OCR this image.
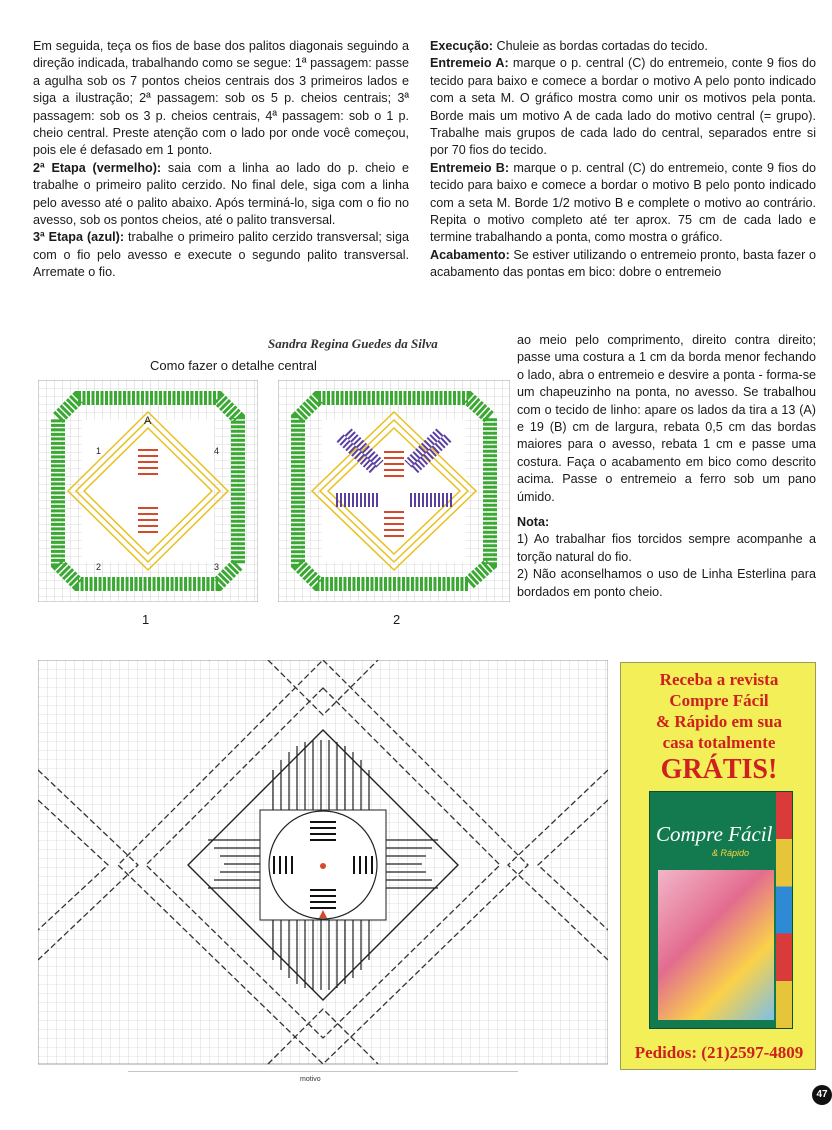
Em seguida, teça os fios de base dos palitos diagonais seguindo a direção indicada, trabalhando como se segue: 1ª passagem: passe a agulha sob os 7 pontos cheios centrais dos 3 primeiros lados e siga a ilustração; 2ª passagem: sob os 5 p. cheios centrais; 3ª passagem: sob os 3 p. cheios centrais, 4ª passagem: sob o 1 p. cheio central. Preste atenção com o lado por onde você começou, pois ele é defasado em 1 ponto.

2ª Etapa (vermelho): saia com a linha ao lado do p. cheio e trabalhe o primeiro palito cerzido. No final dele, siga com a linha pelo avesso até o palito abaixo. Após terminá-lo, siga com o fio no avesso, sob os pontos cheios, até o palito transversal.

3ª Etapa (azul): trabalhe o primeiro palito cerzido transversal; siga com o fio pelo avesso e execute o segundo palito transversal. Arremate o fio.

Sandra Regina Guedes da Silva
Como fazer o detalhe central
A
1	4
2	3
1	2

Execução: Chuleie as bordas cortadas do tecido.

Entremeio A: marque o p. central (C) do entremeio, conte 9 fios do tecido para baixo e comece a bordar o motivo A pelo ponto indicado com a seta M. O gráfico mostra como unir os motivos pela ponta. Borde mais um motivo A de cada lado do motivo central (= grupo). Trabalhe mais grupos de cada lado do central, separados entre si por 70 fios do tecido.

Entremeio B: marque o p. central (C) do entremeio, conte 9 fios do tecido para baixo e comece a bordar o motivo B pelo ponto indicado com a seta M. Borde 1/2 motivo B e complete o motivo ao contrário. Repita o motivo completo até ter aprox. 75 cm de cada lado e termine trabalhando a ponta, como mostra o gráfico.

Acabamento: Se estiver utilizando o entremeio pronto, basta fazer o acabamento das pontas em bico: dobre o entremeio

ao meio pelo comprimento, direito contra direito; passe uma costura a 1 cm da borda menor fechando o lado, abra o entremeio e desvire a ponta - forma-se um chapeuzinho na ponta, no avesso. Se trabalhou com o tecido de linho: apare os lados da tira a 13 (A) e 19 (B) cm de largura, rebata 0,5 cm das bordas maiores para o avesso, rebata 1 cm e passe uma costura. Faça o acabamento em bico como descrito acima. Passe o entremeio a ferro sob um pano úmido.

Nota:

1) Ao trabalhar fios torcidos sempre acompanhe a torção natural do fio.

2) Não aconselhamos o uso de Linha Esterlina para bordados em ponto cheio.

motivo
Receba a revista
Compre Fácil
& Rápido em sua
casa totalmente
GRÁTIS!
Compre Fácil
& Rápido
Pedidos: (21)2597-4809
47
